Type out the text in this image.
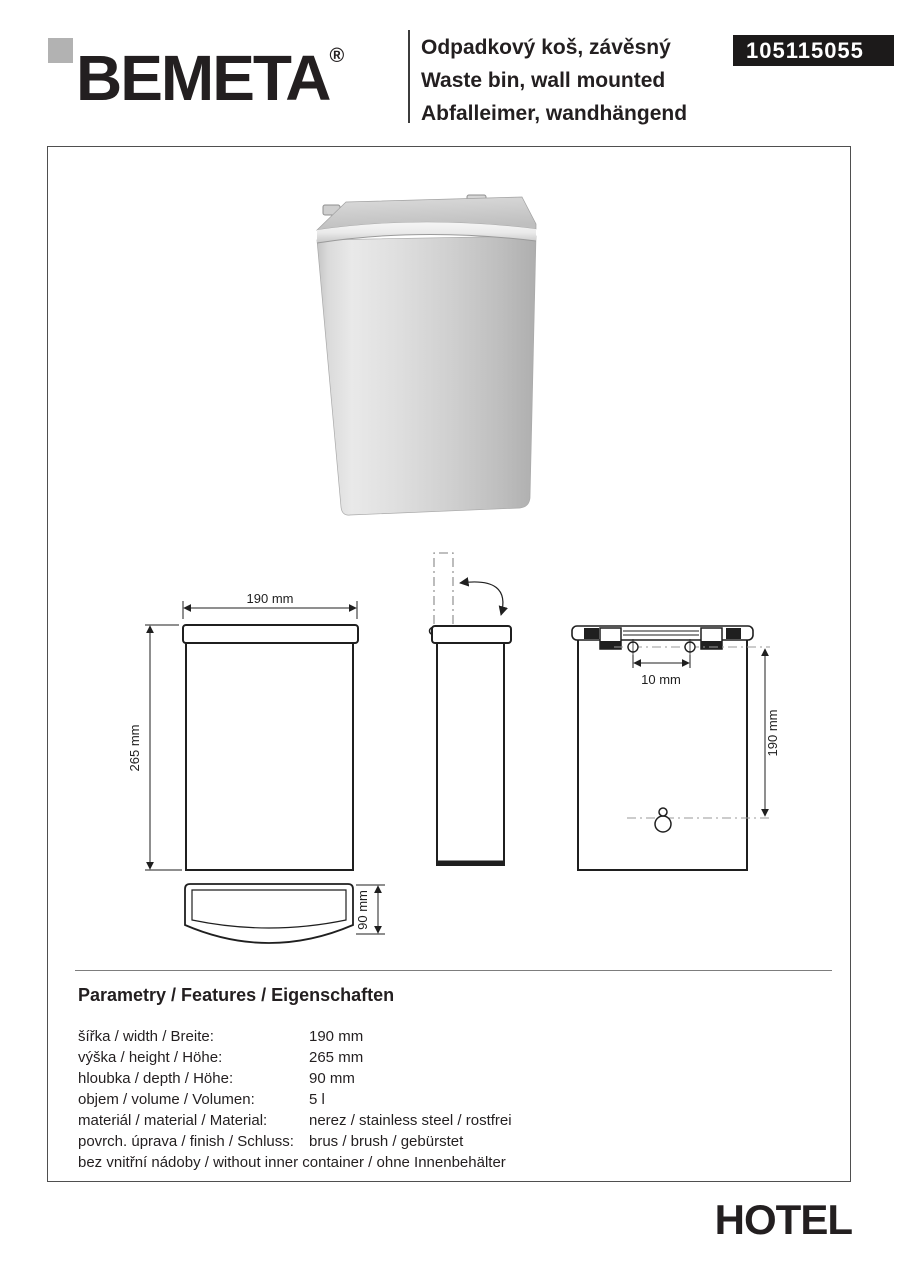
BEMETA®	Odpadkový koš, závěsný
Waste bin, wall mounted
Abfalleimer, wandhängend
105115055
190 mm
265 mm
90 mm
10 mm
190 mm
Parametry / Features / Eigenschaften
šířka / width / Breite:	190 mm
výška / height / Höhe:	265 mm
hloubka / depth / Höhe:	90 mm
objem / volume / Volumen:	5 l
materiál / material / Material:	nerez / stainless steel / rostfrei
povrch. úprava / finish / Schluss:	brus / brush / gebürstet
bez vnitřní nádoby / without inner container / ohne Innenbehälter
HOTEL
